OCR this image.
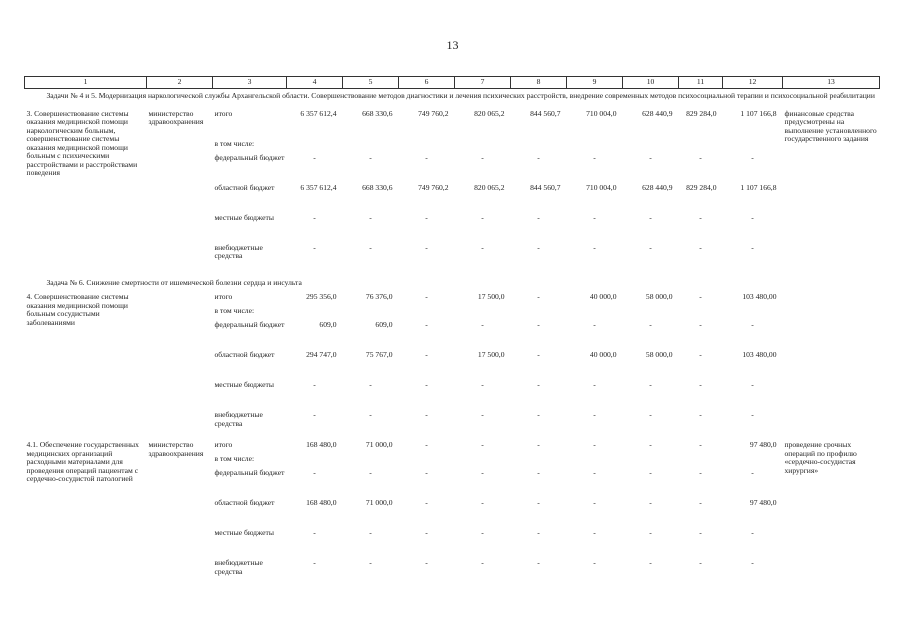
13
1	2	3	4	5	6	7	8	9	10	11	12	13
Задачи № 4 и 5. Модернизация наркологической службы Архангельской области. Совершенствование методов диагностики и лечения психических расстройств, внедрение современных методов психосоциальной терапии и психосоциальной реабилитации												
3. Совершенствование системы оказания медицинской помощи наркологическим больным, совершенствование системы оказания медицинской помощи больным с психическими расстройствами и расстройствами поведения	министерство здравоохранения	итого	6 357 612,4	668 330,6	749 760,2	820 065,2	844 560,7	710 004,0	628 440,9	829 284,0	1 107 166,8	финансовые средства предусмотрены на выполнение установленного государственного задания
		в том числе:										
		федеральный бюджет	-	-	-	-	-	-	-	-	-	
		областной бюджет	6 357 612,4	668 330,6	749 760,2	820 065,2	844 560,7	710 004,0	628 440,9	829 284,0	1 107 166,8	
		местные бюджеты	-	-	-	-	-	-	-	-	-	
		внебюджетные средства	-	-	-	-	-	-	-	-	-	
Задача № 6. Снижение смертности от ишемической болезни сердца и инсульта												
4. Совершенствование системы оказания медицинской помощи больным сосудистыми заболеваниями		итого	295 356,0	76 376,0	-	17 500,0	-	40 000,0	58 000,0	-	103 480,00	
		в том числе:										
		федеральный бюджет	609,0	609,0	-	-	-	-	-	-	-	
		областной бюджет	294 747,0	75 767,0	-	17 500,0	-	40 000,0	58 000,0	-	103 480,00	
		местные бюджеты	-	-	-	-	-	-	-	-	-	
		внебюджетные средства	-	-	-	-	-	-	-	-	-	
4.1. Обеспечение государственных медицинских организаций расходными материалами для проведения операций пациентам с сердечно-сосудистой патологией	министерство здравоохранения	итого	168 480,0	71 000,0	-	-	-	-	-	-	97 480,0	проведение срочных операций по профилю «сердечно-сосудистая хирургия»
		в том числе:										
		федеральный бюджет	-	-	-	-	-	-	-	-	-	
		областной бюджет	168 480,0	71 000,0	-	-	-	-	-	-	97 480,0	
		местные бюджеты	-	-	-	-	-	-	-	-	-	
		внебюджетные средства	-	-	-	-	-	-	-	-	-	
